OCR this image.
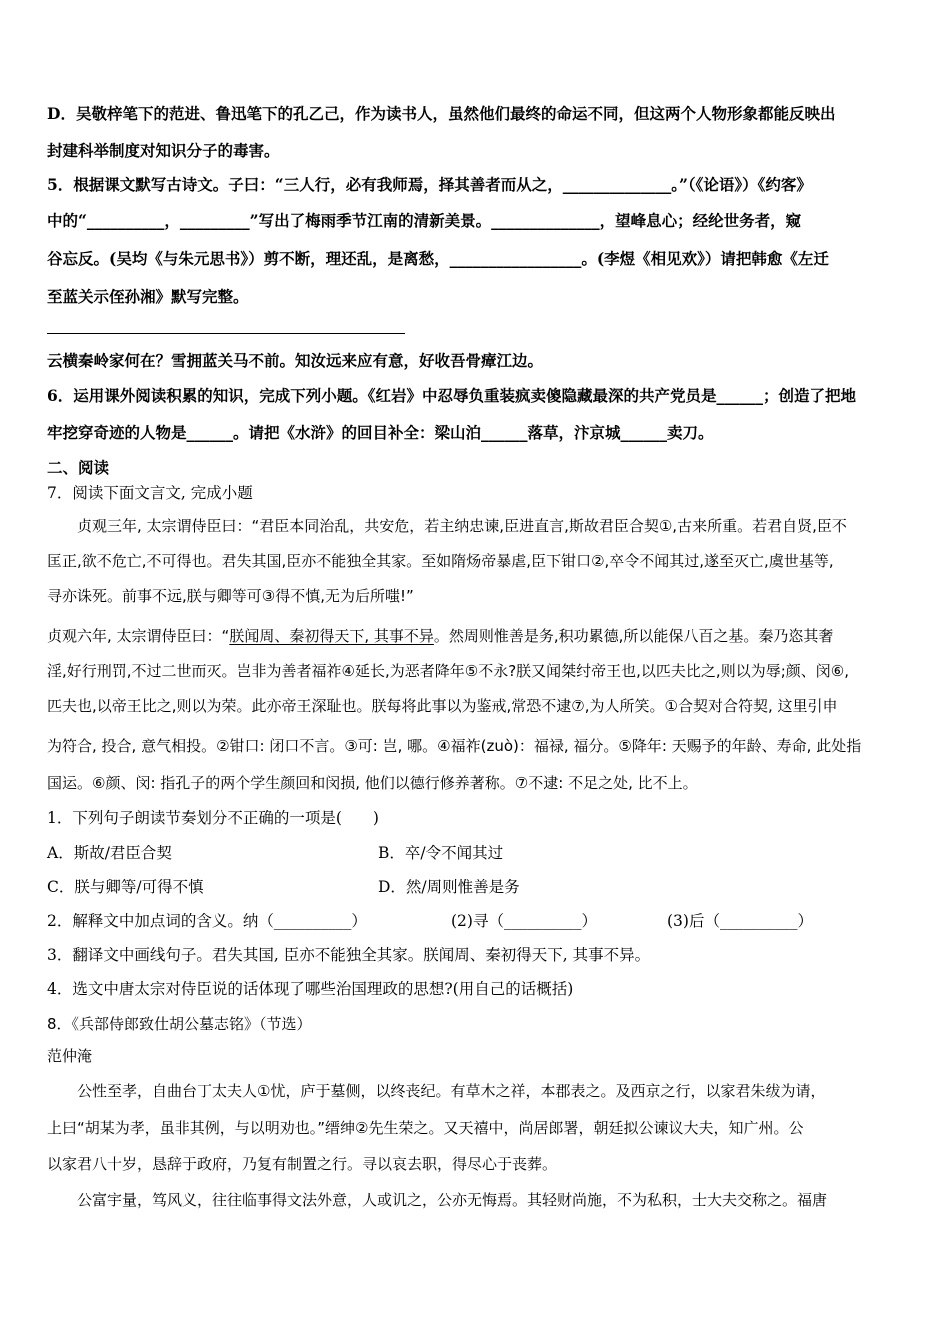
D．吴敬梓笔下的范进、鲁迅笔下的孔乙己，作为读书人，虽然他们最终的命运不同，但这两个人物形象都能反映出
封建科举制度对知识分子的毒害。
5．根据课文默写古诗文。子曰：“三人行，必有我师焉，择其善者而从之，______________。”（《论语》）《约客》
中的“__________，_________”写出了梅雨季节江南的清新美景。______________，望峰息心；经纶世务者，窥
谷忘反。(吴均《与朱元思书》）剪不断，理还乱，是离愁，_________________。(李煜《相见欢》）请把韩愈《左迁
至蓝关示侄孙湘》默写完整。
云横秦岭家何在？雪拥蓝关马不前。知汝远来应有意，好收吾骨瘴江边。
6．运用课外阅读积累的知识，完成下列小题。《红岩》中忍辱负重装疯卖傻隐藏最深的共产党员是______；创造了把地
牢挖穿奇迹的人物是______。请把《水浒》的回目补全：梁山泊______落草，汴京城______卖刀。
二、阅读
7．阅读下面文言文, 完成小题
贞观三年, 太宗谓侍臣曰：“君臣本同治乱，共安危，若主纳忠谏,臣进直言,斯故君臣合契①,古来所重。若君自贤,臣不
匡正,欲不危亡,不可得也。君失其国,臣亦不能独全其家。至如隋炀帝暴虐,臣下钳口②,卒令不闻其过,遂至灭亡,虞世基等,
寻亦诛死。前事不远,朕与卿等可③得不慎,无为后所嗤!”
贞观六年, 太宗谓侍臣曰：“朕闻周、秦初得天下, 其事不异。然周则惟善是务,积功累德,所以能保八百之基。秦乃恣其奢
淫,好行刑罚,不过二世而灭。岂非为善者福祚④延长,为恶者降年⑤不永?朕又闻桀纣帝王也,以匹夫比之,则以为辱;颜、闵⑥,
匹夫也,以帝王比之,则以为荣。此亦帝王深耻也。朕每将此事以为鉴戒,常恐不逮⑦,为人所笑。①合契对合符契, 这里引申
为符合, 投合, 意气相投。②钳口: 闭口不言。③可: 岂, 哪。④福祚(zuò)：福禄, 福分。⑤降年: 天赐予的年龄、寿命, 此处指
国运。⑥颜、闵: 指孔子的两个学生颜回和闵损, 他们以德行修养著称。⑦不逮: 不足之处, 比不上。
1．下列句子朗读节奏划分不正确的一项是(　　)
A．斯故/君臣合契	B．卒/令不闻其过
C．朕与卿等/可得不慎	D．然/周则惟善是务
2．解释文中加点词的含义。纳（__________）	(2)寻（__________）	(3)后（__________）
3．翻译文中画线句子。君失其国, 臣亦不能独全其家。朕闻周、秦初得天下, 其事不异。
4．选文中唐太宗对侍臣说的话体现了哪些治国理政的思想?(用自己的话概括)
8．《兵部侍郎致仕胡公墓志铭》（节选）
范仲淹
公性至孝，自曲台丁太夫人①忧，庐于墓侧，以终丧纪。有草木之祥，本郡表之。及西京之行，以家君朱绂为请，
上曰“胡某为孝，虽非其例，与以明劝也。”缙绅②先生荣之。又天禧中，尚居郎署，朝廷拟公谏议大夫，知广州。公
以家君八十岁，恳辞于政府，乃复有制置之行。寻以哀去职，得尽心于丧葬。
公富宇量，笃风义，往往临事得文法外意，人或讥之，公亦无悔焉。其轻财尚施，不为私积，士大夫交称之。福唐
